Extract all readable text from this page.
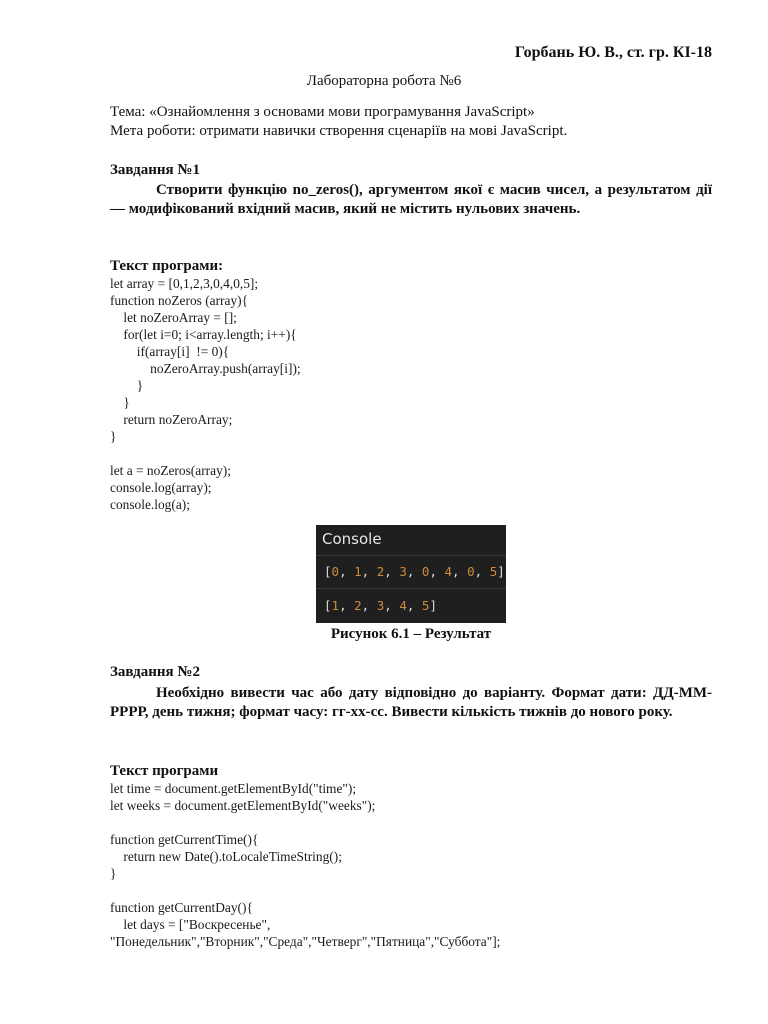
Горбань Ю. В., ст. гр. КІ-18
Лабораторна робота №6
Тема: «Ознайомлення з основами мови програмування JavaScript»
Мета роботи: отримати навички створення сценаріїв на мові JavaScript.
Завдання №1
Створити функцію no_zeros(), аргументом якої є масив чисел, а результатом дії — модифікований вхідний масив, який не містить нульових значень.
Текст програми:
let array = [0,1,2,3,0,4,0,5];
function noZeros (array){
let noZeroArray = [];
for(let i=0; i<array.length; i++){
if(array[i]  != 0){
noZeroArray.push(array[i]);
}
}
return noZeroArray;
}
let a = noZeros(array);
console.log(array);
console.log(a);
Console
[0, 1, 2, 3, 0, 4, 0, 5]
[1, 2, 3, 4, 5]
Рисунок 6.1 – Результат
Завдання №2
Необхідно вивести час або дату відповідно до варіанту. Формат дати: ДД-ММ-РРРР, день тижня; формат часу: гг-хх-сс. Вивести кількість тижнів до нового року.
Текст програми
let time = document.getElementById("time");
let weeks = document.getElementById("weeks");
function getCurrentTime(){
return new Date().toLocaleTimeString();
}
function getCurrentDay(){
let days = ["Воскресенье",
"Понедельник","Вторник","Среда","Четверг","Пятница","Суббота"];
